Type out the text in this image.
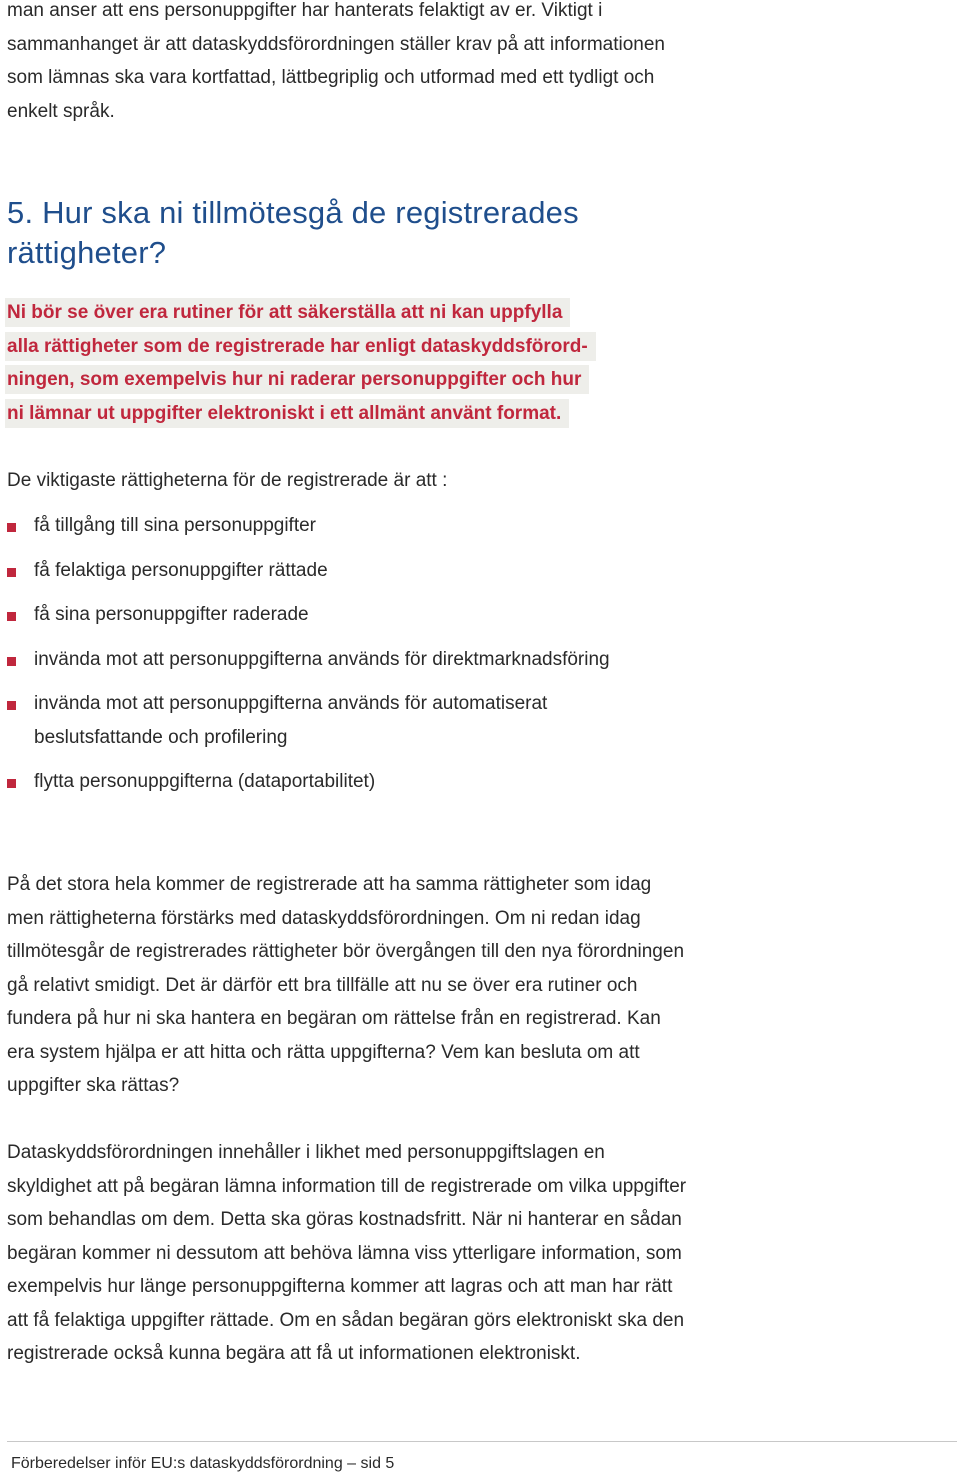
man anser att ens personuppgifter har hanterats felaktigt av er. Viktigt i sammanhanget är att dataskyddsförordningen ställer krav på att informationen som lämnas ska vara kortfattad, lättbegriplig och utformad med ett tydligt och enkelt språk.

5. Hur ska ni tillmötesgå de registrerades rättigheter?
Ni bör se över era rutiner för att säkerställa att ni kan uppfylla
alla rättigheter som de registrerade har enligt dataskyddsförord-
ningen, som exempelvis hur ni raderar personuppgifter och hur
ni lämnar ut uppgifter elektroniskt i ett allmänt använt format.

De viktigaste rättigheterna för de registrerade är att :

få tillgång till sina personuppgifter
få felaktiga personuppgifter rättade
få sina personuppgifter raderade
invända mot att personuppgifterna används för direktmarknadsföring
invända mot att personuppgifterna används för automatiserat beslutsfattande och profilering
flytta personuppgifterna (dataportabilitet)

På det stora hela kommer de registrerade att ha samma rättigheter som idag men rättigheterna förstärks med dataskyddsförordningen. Om ni redan idag tillmötesgår de registrerades rättigheter bör övergången till den nya förordningen gå relativt smidigt. Det är därför ett bra tillfälle att nu se över era rutiner och fundera på hur ni ska hantera en begäran om rättelse från en registrerad. Kan era system hjälpa er att hitta och rätta uppgifterna? Vem kan besluta om att uppgifter ska rättas?

Dataskyddsförordningen innehåller i likhet med personuppgiftslagen en skyldighet att på begäran lämna information till de registrerade om vilka uppgifter som behandlas om dem. Detta ska göras kostnadsfritt. När ni hanterar en sådan begäran kommer ni dessutom att behöva lämna viss ytterligare information, som exempelvis hur länge personuppgifterna kommer att lagras och att man har rätt att få felaktiga uppgifter rättade. Om en sådan begäran görs elektroniskt ska den registrerade också kunna begära att få ut informationen elektroniskt.

Förberedelser inför EU:s dataskyddsförordning – sid 5
